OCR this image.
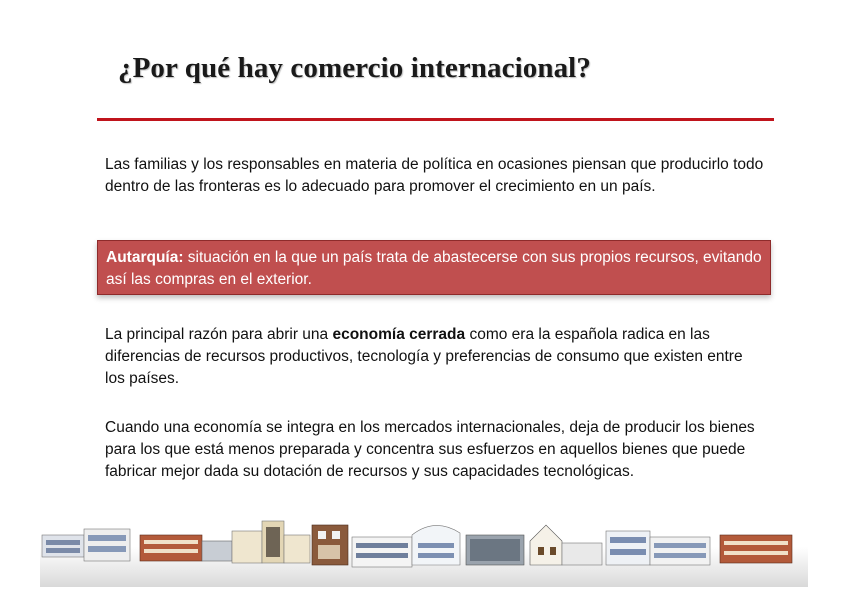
¿Por qué hay comercio internacional?
Las familias y los responsables en materia de política en ocasiones piensan que producirlo todo dentro de las fronteras es lo adecuado para promover el crecimiento en un país.
Autarquía: situación en la que un país trata de abastecerse con sus propios recursos, evitando así las compras en el exterior.
La principal razón para abrir una economía cerrada como era la española radica en las diferencias de recursos productivos, tecnología y preferencias de consumo que existen entre los países.
Cuando una economía se integra en los mercados internacionales, deja de producir los bienes para los que está menos preparada y concentra sus esfuerzos en aquellos bienes que puede fabricar mejor dada su dotación de recursos y sus capacidades tecnológicas.
